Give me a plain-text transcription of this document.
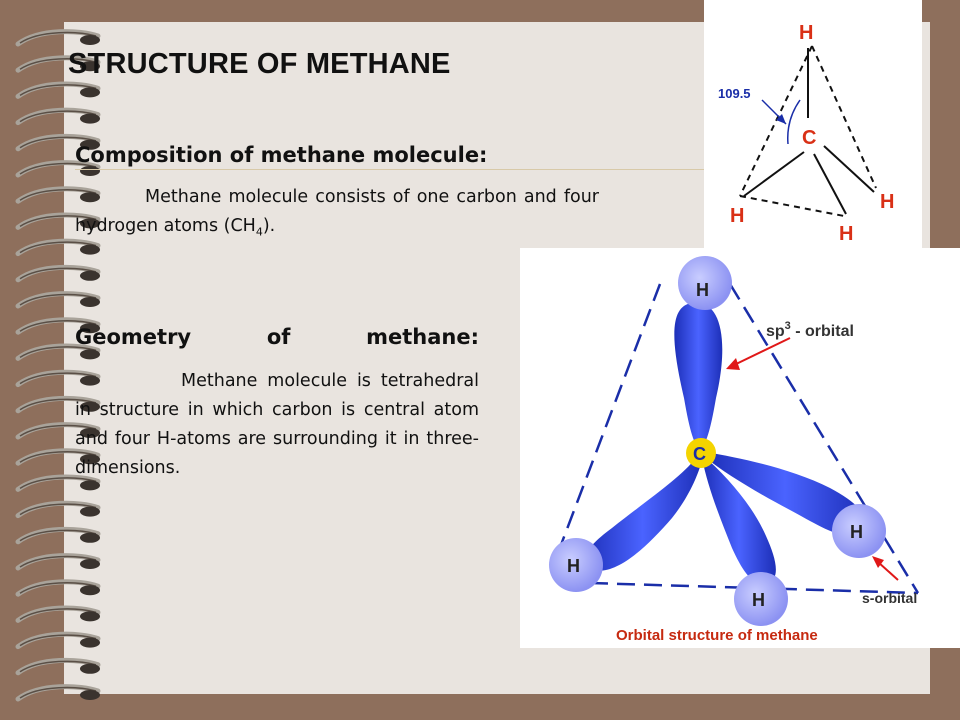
STRUCTURE OF METHANE
Composition of methane molecule:
Methane molecule consists of one carbon and four hydrogen atoms $(CH_4)$.
Geometry of methane:
Methane molecule is tetrahedral in structure in which carbon is central atom and four H-atoms are surrounding it in three-dimensions.
109.5
H
C
H
H
H
H
H
H
H
C
$sp^3$ - orbital
s-orbital
Orbital structure of methane
